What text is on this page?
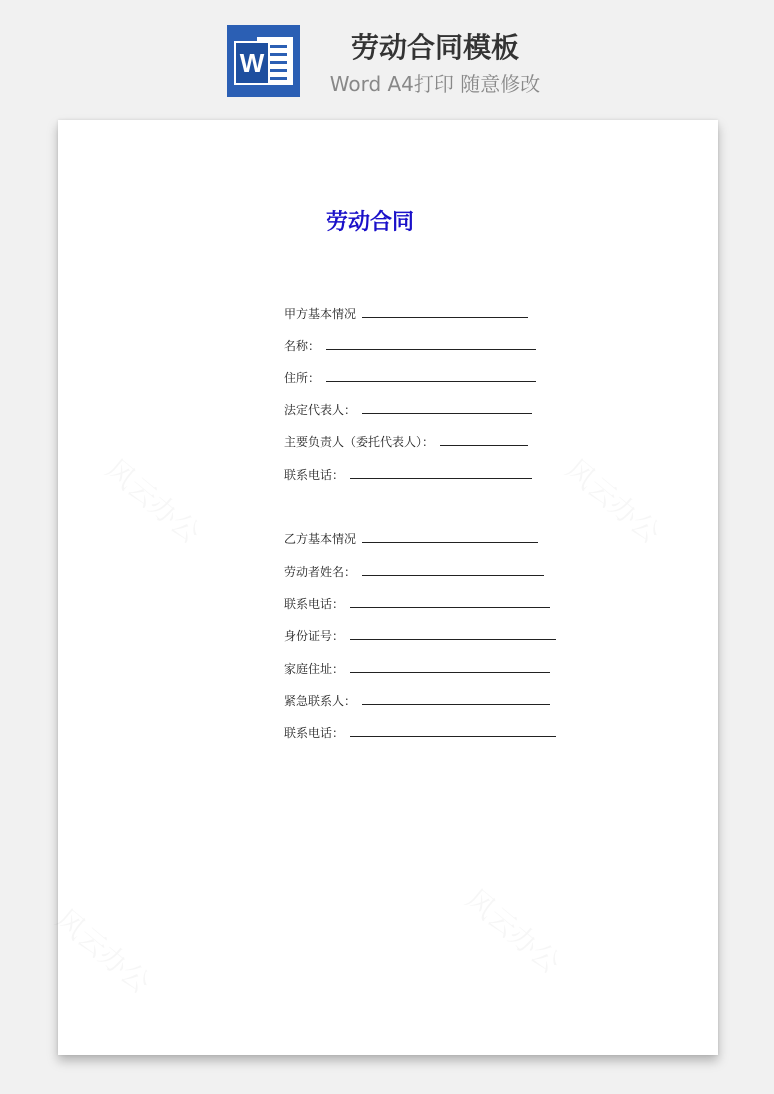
W	劳动合同模板
Word A4打印 随意修改
劳动合同
甲方基本情况
名称：
住所：
法定代表人：
主要负责人（委托代表人）：
联系电话：
乙方基本情况
劳动者姓名：
联系电话：
身份证号：
家庭住址：
紧急联系人：
联系电话：
